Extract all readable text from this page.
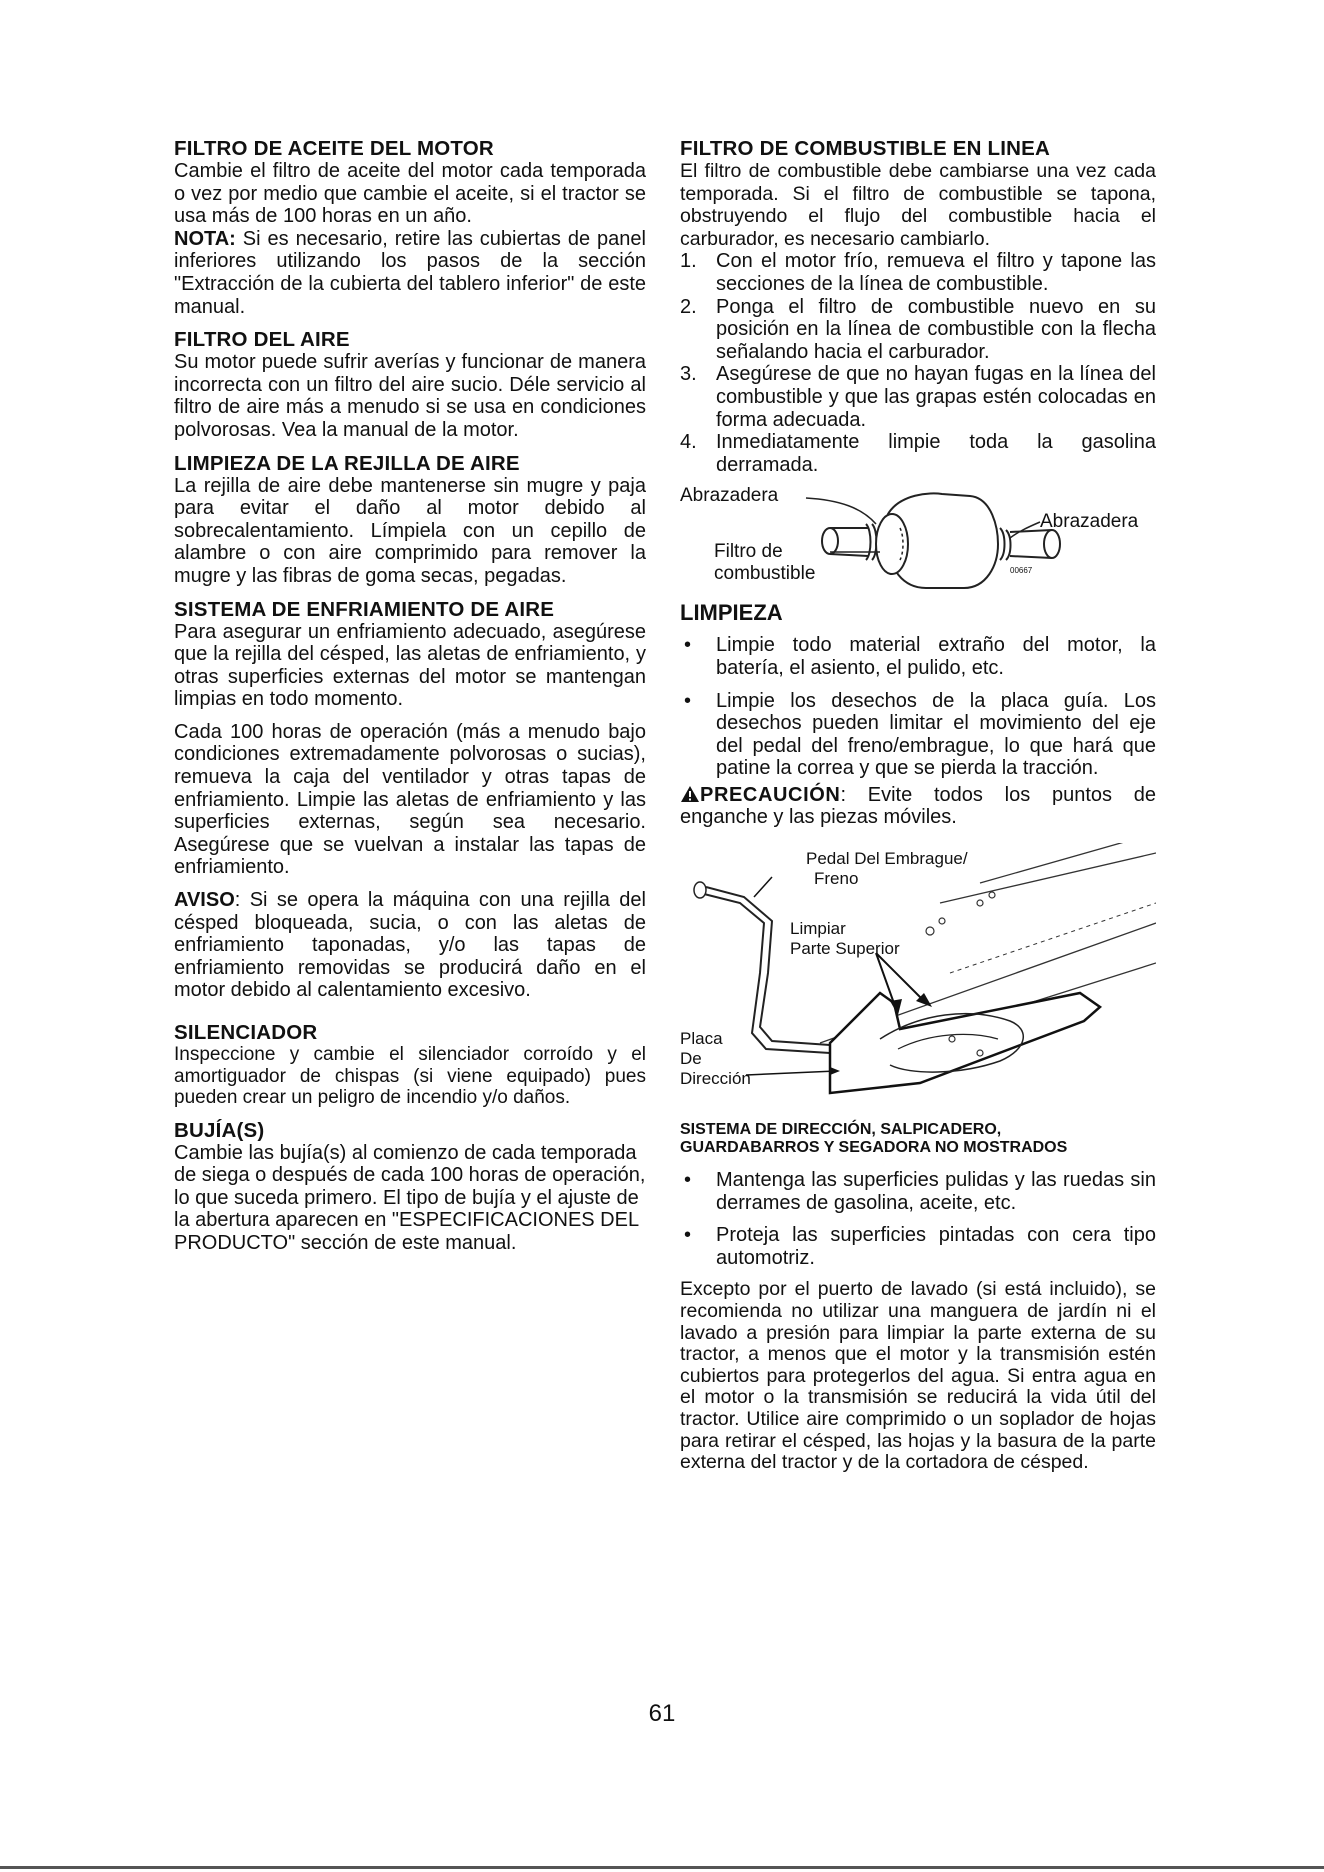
FILTRO DE ACEITE DEL MOTOR

Cambie el filtro de aceite del motor cada temporada o vez por medio que cambie el aceite, si el tractor se usa más de 100 horas en un año.

NOTA: Si es necesario, retire las cubiertas de panel inferiores utilizando los pasos de la sección "Extracción de la cubierta del tablero inferior" de este manual.

FILTRO DEL AIRE

Su motor puede sufrir averías y funcionar de manera incorrecta con un filtro del aire sucio. Déle servicio al filtro de aire más a menudo si se usa en condiciones polvorosas. Vea la manual de la motor.

LIMPIEZA DE LA REJILLA DE AIRE

La rejilla de aire debe mantenerse sin mugre y paja para evitar el daño al motor debido al sobrecalentamiento. Límpiela con un cepillo de alambre o con aire comprimido para remover la mugre y las fibras de goma secas, pegadas.

SISTEMA DE ENFRIAMIENTO DE AIRE

Para asegurar un enfriamiento adecuado, asegúrese que la rejilla del césped, las aletas de enfriamiento, y otras superficies externas del motor se mantengan limpias en todo momento.

Cada 100 horas de operación (más a menudo bajo condiciones extremadamente polvorosas o sucias), remueva la caja del ventilador y otras tapas de enfriamiento. Limpie las aletas de enfriamiento y las superficies externas, según sea necesario. Asegúrese que se vuelvan a instalar las tapas de enfriamiento.

AVISO: Si se opera la máquina con una rejilla del césped bloqueada, sucia, o con las aletas de enfriamiento taponadas, y/o las tapas de enfriamiento removidas se producirá daño en el motor debido al calentamiento excesivo.

SILENCIADOR

Inspeccione y cambie el silenciador corroído y el amortiguador de chispas (si viene equipado) pues pueden crear un peligro de incendio y/o daños.

BUJÍA(S)

Cambie las bujía(s) al comienzo de cada temporada de siega o después de cada 100 horas de operación, lo que suceda primero. El tipo de bujía y el ajuste de la abertura aparecen en "ESPECIFICACIONES DEL PRODUCTO" sección de este manual.

FILTRO DE COMBUSTIBLE EN LINEA

El filtro de combustible debe cambiarse una vez cada temporada. Si el filtro de combustible se tapona, obstruyendo el flujo del combustible hacia el carburador, es necesario cambiarlo.

1. Con el motor frío, remueva el filtro y tapone las secciones de la línea de combustible.
2. Ponga el filtro de combustible nuevo en su posición en la línea de combustible con la flecha señalando hacia el carburador.
3. Asegúrese de que no hayan fugas en la línea del combustible y que las grapas estén colocadas en forma adecuada.
4. Inmediatamente limpie toda la gasolina derramada.
Abrazadera
Abrazadera
Filtro de
combustible	00667
LIMPIEZA
• Limpie todo material extraño del motor, la batería, el asiento, el pulido, etc.
• Limpie los desechos de la placa guía. Los desechos pueden limitar el movimiento del eje del pedal del freno/embrague, lo que hará que patine la correa y que se pierda la tracción.

PRECAUCIÓN: Evite todos los puntos de enganche y las piezas móviles.

Pedal Del Embrague/
Freno
Limpiar
Parte Superior
Placa
De
Dirección
SISTEMA DE DIRECCIÓN, SALPICADERO,
GUARDABARROS Y SEGADORA NO MOSTRADOS
• Mantenga las superficies pulidas y las ruedas sin derrames de gasolina, aceite, etc.
• Proteja las superficies pintadas con cera tipo automotriz.

Excepto por el puerto de lavado (si está incluido), se recomienda no utilizar una manguera de jardín ni el lavado a presión para limpiar la parte externa de su tractor, a menos que el motor y la transmisión estén cubiertos para protegerlos del agua. Si entra agua en el motor o la transmisión se reducirá la vida útil del tractor. Utilice aire comprimido o un soplador de hojas para retirar el césped, las hojas y la basura de la parte externa del tractor y de la cortadora de césped.

61
